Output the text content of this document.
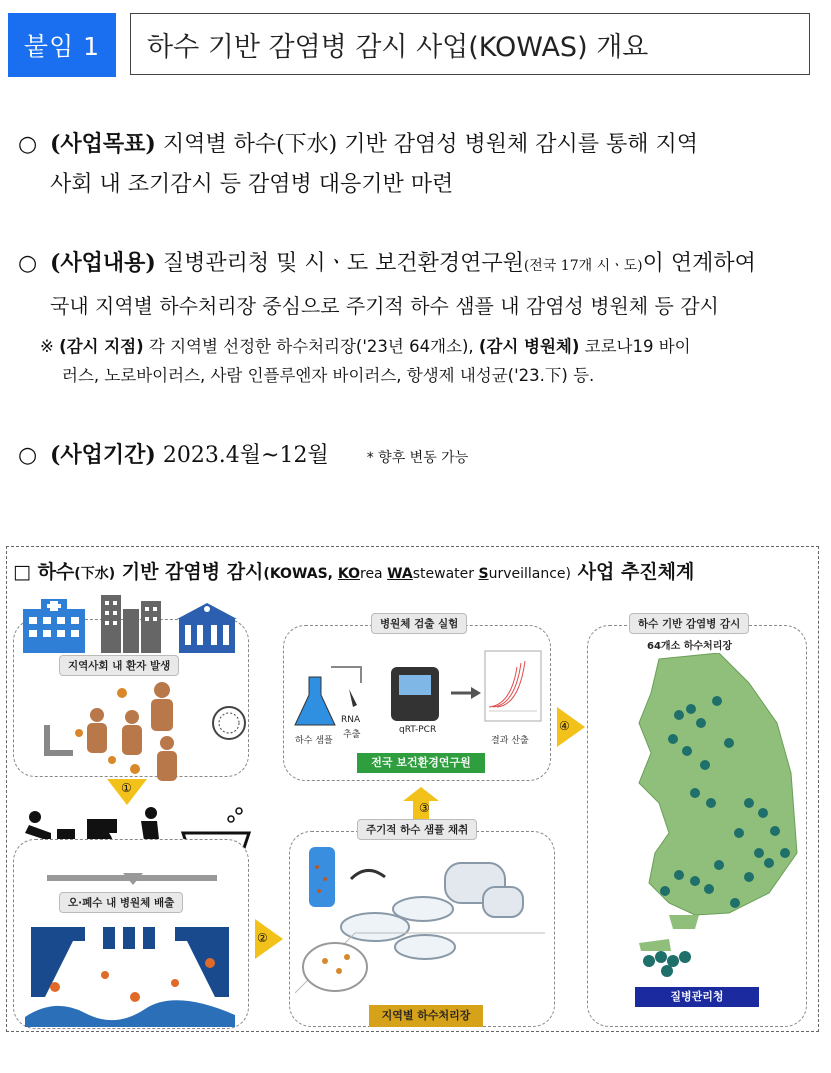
붙임 1	하수 기반 감염병 감시 사업(KOWAS) 개요
○ (사업목표) 지역별 하수(下水) 기반 감염성 병원체 감시를 통해 지역
사회 내 조기감시 등 감염병 대응기반 마련
○ (사업내용) 질병관리청 및 시ㆍ도 보건환경연구원(전국 17개 시ㆍ도)이 연계하여
국내 지역별 하수처리장 중심으로 주기적 하수 샘플 내 감염성 병원체 등 감시
※ (감시 지점) 각 지역별 선정한 하수처리장('23년 64개소), (감시 병원체) 코로나19 바이
러스, 노로바이러스, 사람 인플루엔자 바이러스, 항생제 내성균('23.下) 등.
○ (사업기간) 2023.4월~12월	* 향후 변동 가능
□ 하수(下水) 기반 감염병 감시(KOWAS, KOrea WAstewater Surveillance) 사업 추진체계
지역사회 내 환자 발생
①
오·폐수 내 병원체 배출
②
병원체 검출 실험
하수 샘플
RNA
추출	qRT-PCR
결과 산출
전국 보건환경연구원
③
주기적 하수 샘플 채취
지역별 하수처리장
④
하수 기반 감염병 감시
64개소 하수처리장
질병관리청
